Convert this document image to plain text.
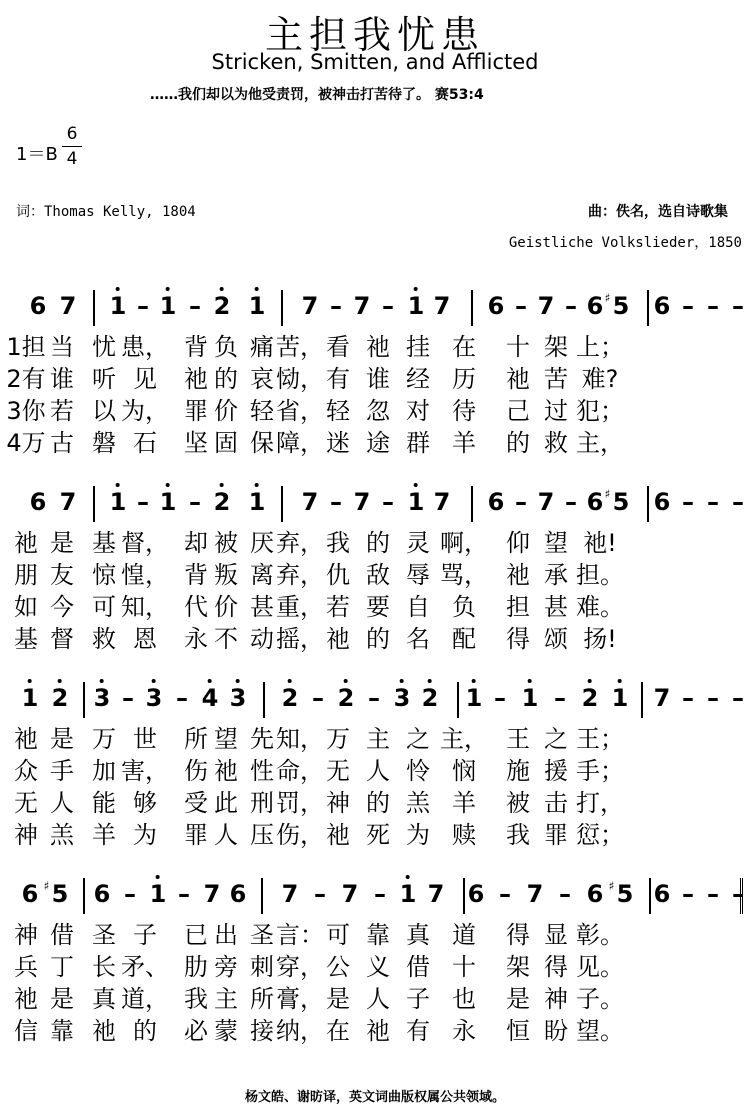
主担我忧患
Stricken, Smitten, and Afflicted
……我们却以为他受责罚，被神击打苦待了。 赛53:4
1＝B
6
4
词：Thomas Kelly, 1804	曲：佚名，选自诗歌集
Geistliche Volkslieder，1850
6 7 1 – 1 – 2 1 7 – 7 – 1 7 6 – 7 – 6 ♯ 5 6 – – –
1担 当 忧 患， 背 负 痛 苦， 看 祂 挂 在 十 架 上；
2有 谁 听 见 祂 的 哀 恸， 有 谁 经 历 祂 苦 难?
3你 若 以 为， 罪 价 轻 省， 轻 忽 对 待 己 过 犯；
4万 古 磐 石 坚 固 保 障， 迷 途 群 羊 的 救 主，
6 7 1 – 1 – 2 1 7 – 7 – 1 7 6 – 7 – 6 ♯ 5 6 – – –
祂 是 基 督， 却 被 厌 弃， 我 的 灵 啊， 仰 望 祂!
朋 友 惊 惶， 背 叛 离 弃， 仇 敌 辱 骂， 祂 承 担。
如 今 可 知， 代 价 甚 重， 若 要 自 负 担 甚 难。
基 督 救 恩 永 不 动 摇， 祂 的 名 配 得 颂 扬!
1 2 3 – 3 – 4 3 2 – 2 – 3 2 1 – 1 – 2 1 7 – – –
祂 是 万 世 所 望 先 知， 万 主 之 主， 王 之 王；
众 手 加 害， 伤 祂 性 命， 无 人 怜 悯 施 援 手；
无 人 能 够 受 此 刑 罚， 神 的 羔 羊 被 击 打，
神 羔 羊 为 罪 人 压 伤， 祂 死 为 赎 我 罪 愆；
6 ♯ 5 6 – 1 – 7 6 7 – 7 – 1 7 6 – 7 – 6 ♯ 5 6 – – –
神 借 圣 子 已 出 圣 言： 可 靠 真 道 得 显 彰。
兵 丁 长 矛、 肋 旁 刺 穿， 公 义 借 十 架 得 见。
祂 是 真 道， 我 主 所 膏， 是 人 子 也 是 神 子。
信 靠 祂 的 必 蒙 接 纳， 在 祂 有 永 恒 盼 望。
杨文皓、谢昉译，英文词曲版权属公共领域。
